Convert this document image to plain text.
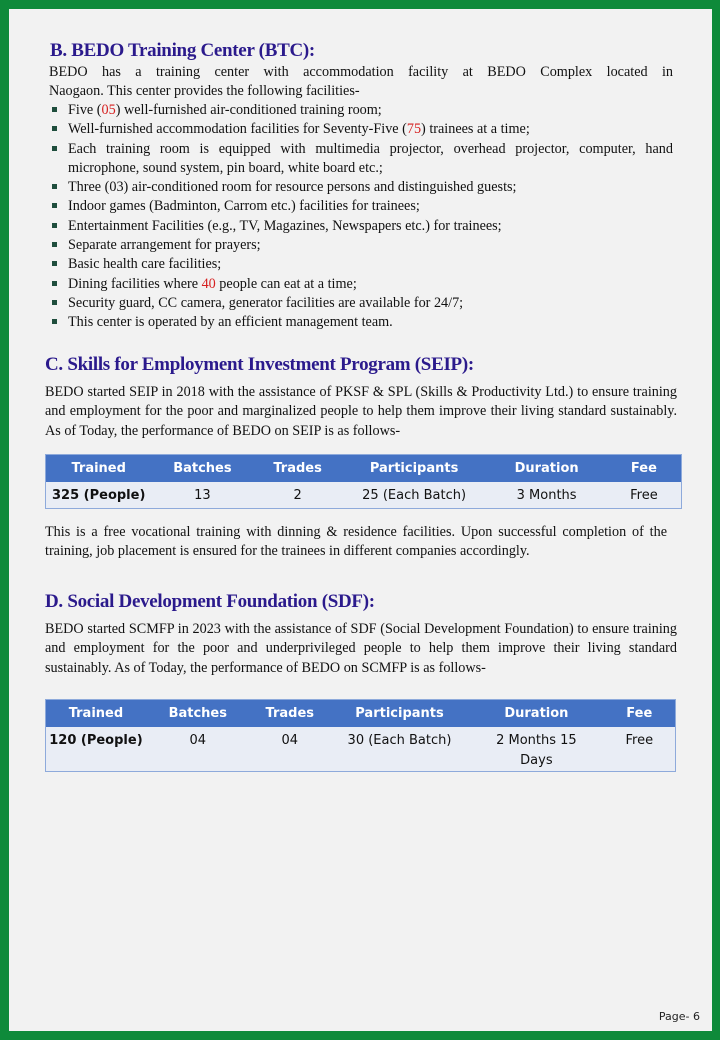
B. BEDO Training Center (BTC):
BEDO has a training center with accommodation facility at BEDO Complex located in
Naogaon. This center provides the following facilities-
Five (05) well-furnished air-conditioned training room;
Well-furnished accommodation facilities for Seventy-Five (75) trainees at a time;
Each training room is equipped with multimedia projector, overhead projector, computer, hand microphone, sound system, pin board, white board etc.;
Three (03) air-conditioned room for resource persons and distinguished guests;
Indoor games (Badminton, Carrom etc.) facilities for trainees;
Entertainment Facilities (e.g., TV, Magazines, Newspapers etc.) for trainees;
Separate arrangement for prayers;
Basic health care facilities;
Dining facilities where 40 people can eat at a time;
Security guard, CC camera, generator facilities are available for 24/7;
This center is operated by an efficient management team.
C. Skills for Employment Investment Program (SEIP):
BEDO started SEIP in 2018 with the assistance of PKSF & SPL (Skills & Productivity Ltd.) to ensure training and employment for the poor and marginalized people to help them improve their living standard sustainably. As of Today, the performance of BEDO on SEIP is as follows-
Trained	Batches	Trades	Participants	Duration	Fee
325 (People)	13	2	25 (Each Batch)	3 Months	Free
This is a free vocational training with dinning & residence facilities. Upon successful completion of the training, job placement is ensured for the trainees in different companies accordingly.
D. Social Development Foundation (SDF):
BEDO started SCMFP in 2023 with the assistance of SDF (Social Development Foundation) to ensure training and employment for the poor and underprivileged people to help them improve their living standard sustainably. As of Today, the performance of BEDO on SCMFP is as follows-
Trained	Batches	Trades	Participants	Duration	Fee
120 (People)	04	04	30 (Each Batch)	2 Months 15 Days	Free
Page- 6
